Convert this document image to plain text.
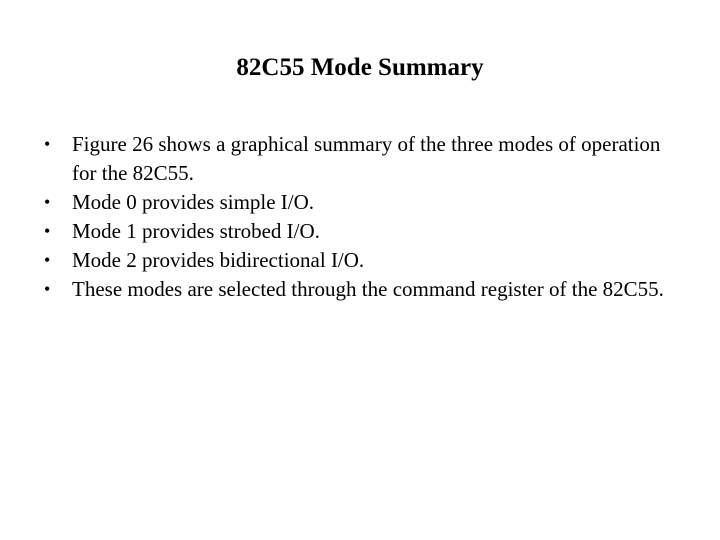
82C55 Mode Summary
• Figure 26 shows a graphical summary of the three modes of operation for the 82C55.
• Mode 0 provides simple I/O.
• Mode 1 provides strobed I/O.
• Mode 2 provides bidirectional I/O.
• These modes are selected through the command register of the 82C55.
